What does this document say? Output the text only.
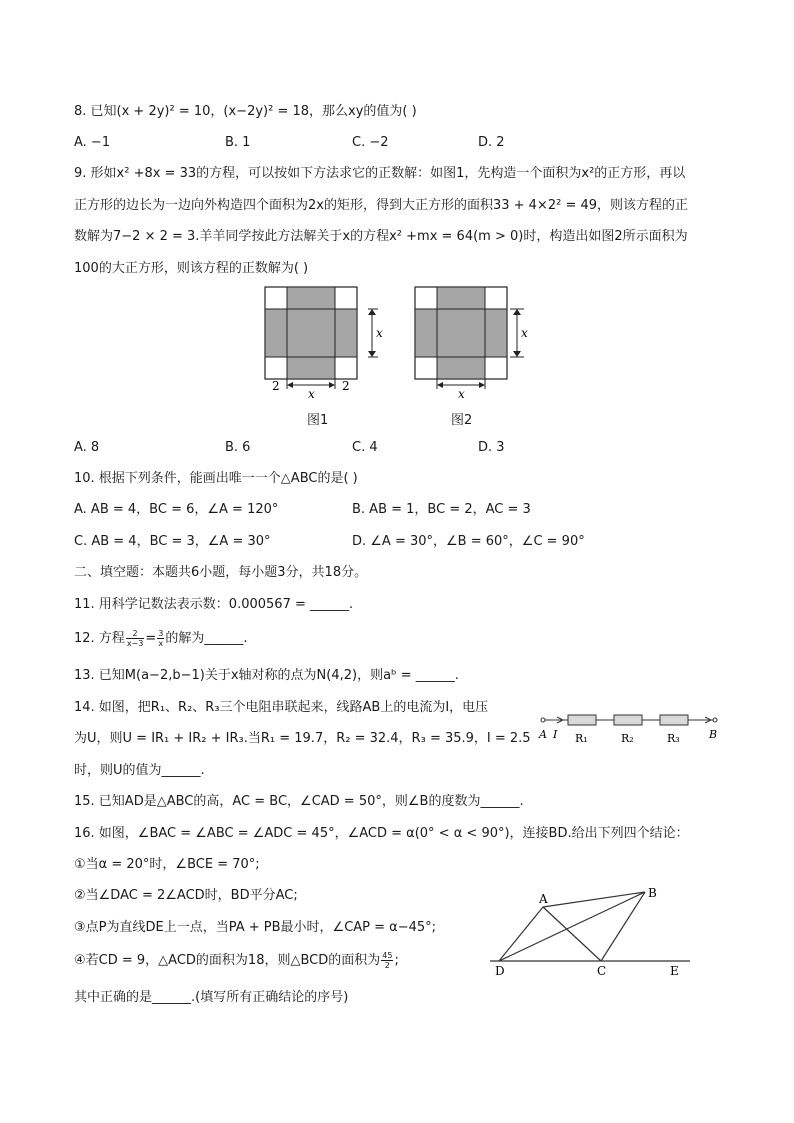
8. 已知(x + 2y)² = 10，(x−2y)² = 18，那么xy的值为( )
A. −1	B. 1	C. −2	D. 2
9. 形如x² +8x = 33的方程，可以按如下方法求它的正数解：如图1，先构造一个面积为x²的正方形，再以
正方形的边长为一边向外构造四个面积为2x的矩形，得到大正方形的面积33 + 4×2² = 49，则该方程的正
数解为7−2 × 2 = 3.羊羊同学按此方法解关于x的方程x² +mx = 64(m > 0)时，构造出如图2所示面积为
100的大正方形，则该方程的正数解为( )
x
x
2	2
图1
x
x
图2
A. 8	B. 6	C. 4	D. 3
10. 根据下列条件，能画出唯一一个△ABC的是( )
A. AB = 4，BC = 6，∠A = 120°	B. AB = 1，BC = 2，AC = 3
C. AB = 4，BC = 3，∠A = 30°	D. ∠A = 30°，∠B = 60°，∠C = 90°
二、填空题：本题共6小题，每小题3分，共18分。
11. 用科学记数法表示数：0.000567 = ______.
12. 方程 $\frac{2}{x-3} = \frac{3}{x}$ 的解为______.
13. 已知M(a−2,b−1)关于x轴对称的点为N(4,2)，则aᵇ = ______.
14. 如图，把R₁、R₂、R₃三个电阻串联起来，线路AB上的电流为I，电压
为U，则U = IR₁ + IR₂ + IR₃.当R₁ = 19.7，R₂ = 32.4，R₃ = 35.9，I = 2.5
时，则U的值为______.
A I R₁	R₂	R₃	B
15. 已知AD是△ABC的高，AC = BC，∠CAD = 50°，则∠B的度数为______.
16. 如图，∠BAC = ∠ABC = ∠ADC = 45°，∠ACD = α(0° < α < 90°)，连接BD.给出下列四个结论：
①当α = 20°时，∠BCE = 70°;
②当∠DAC = 2∠ACD时，BD平分AC;
③点P为直线DE上一点，当PA + PB最小时，∠CAP = α−45°;
④若CD = 9，△ACD的面积为18，则△BCD的面积为 $\frac{45}{2}$ ;
其中正确的是______.(填写所有正确结论的序号)
A	B
C
D	E
